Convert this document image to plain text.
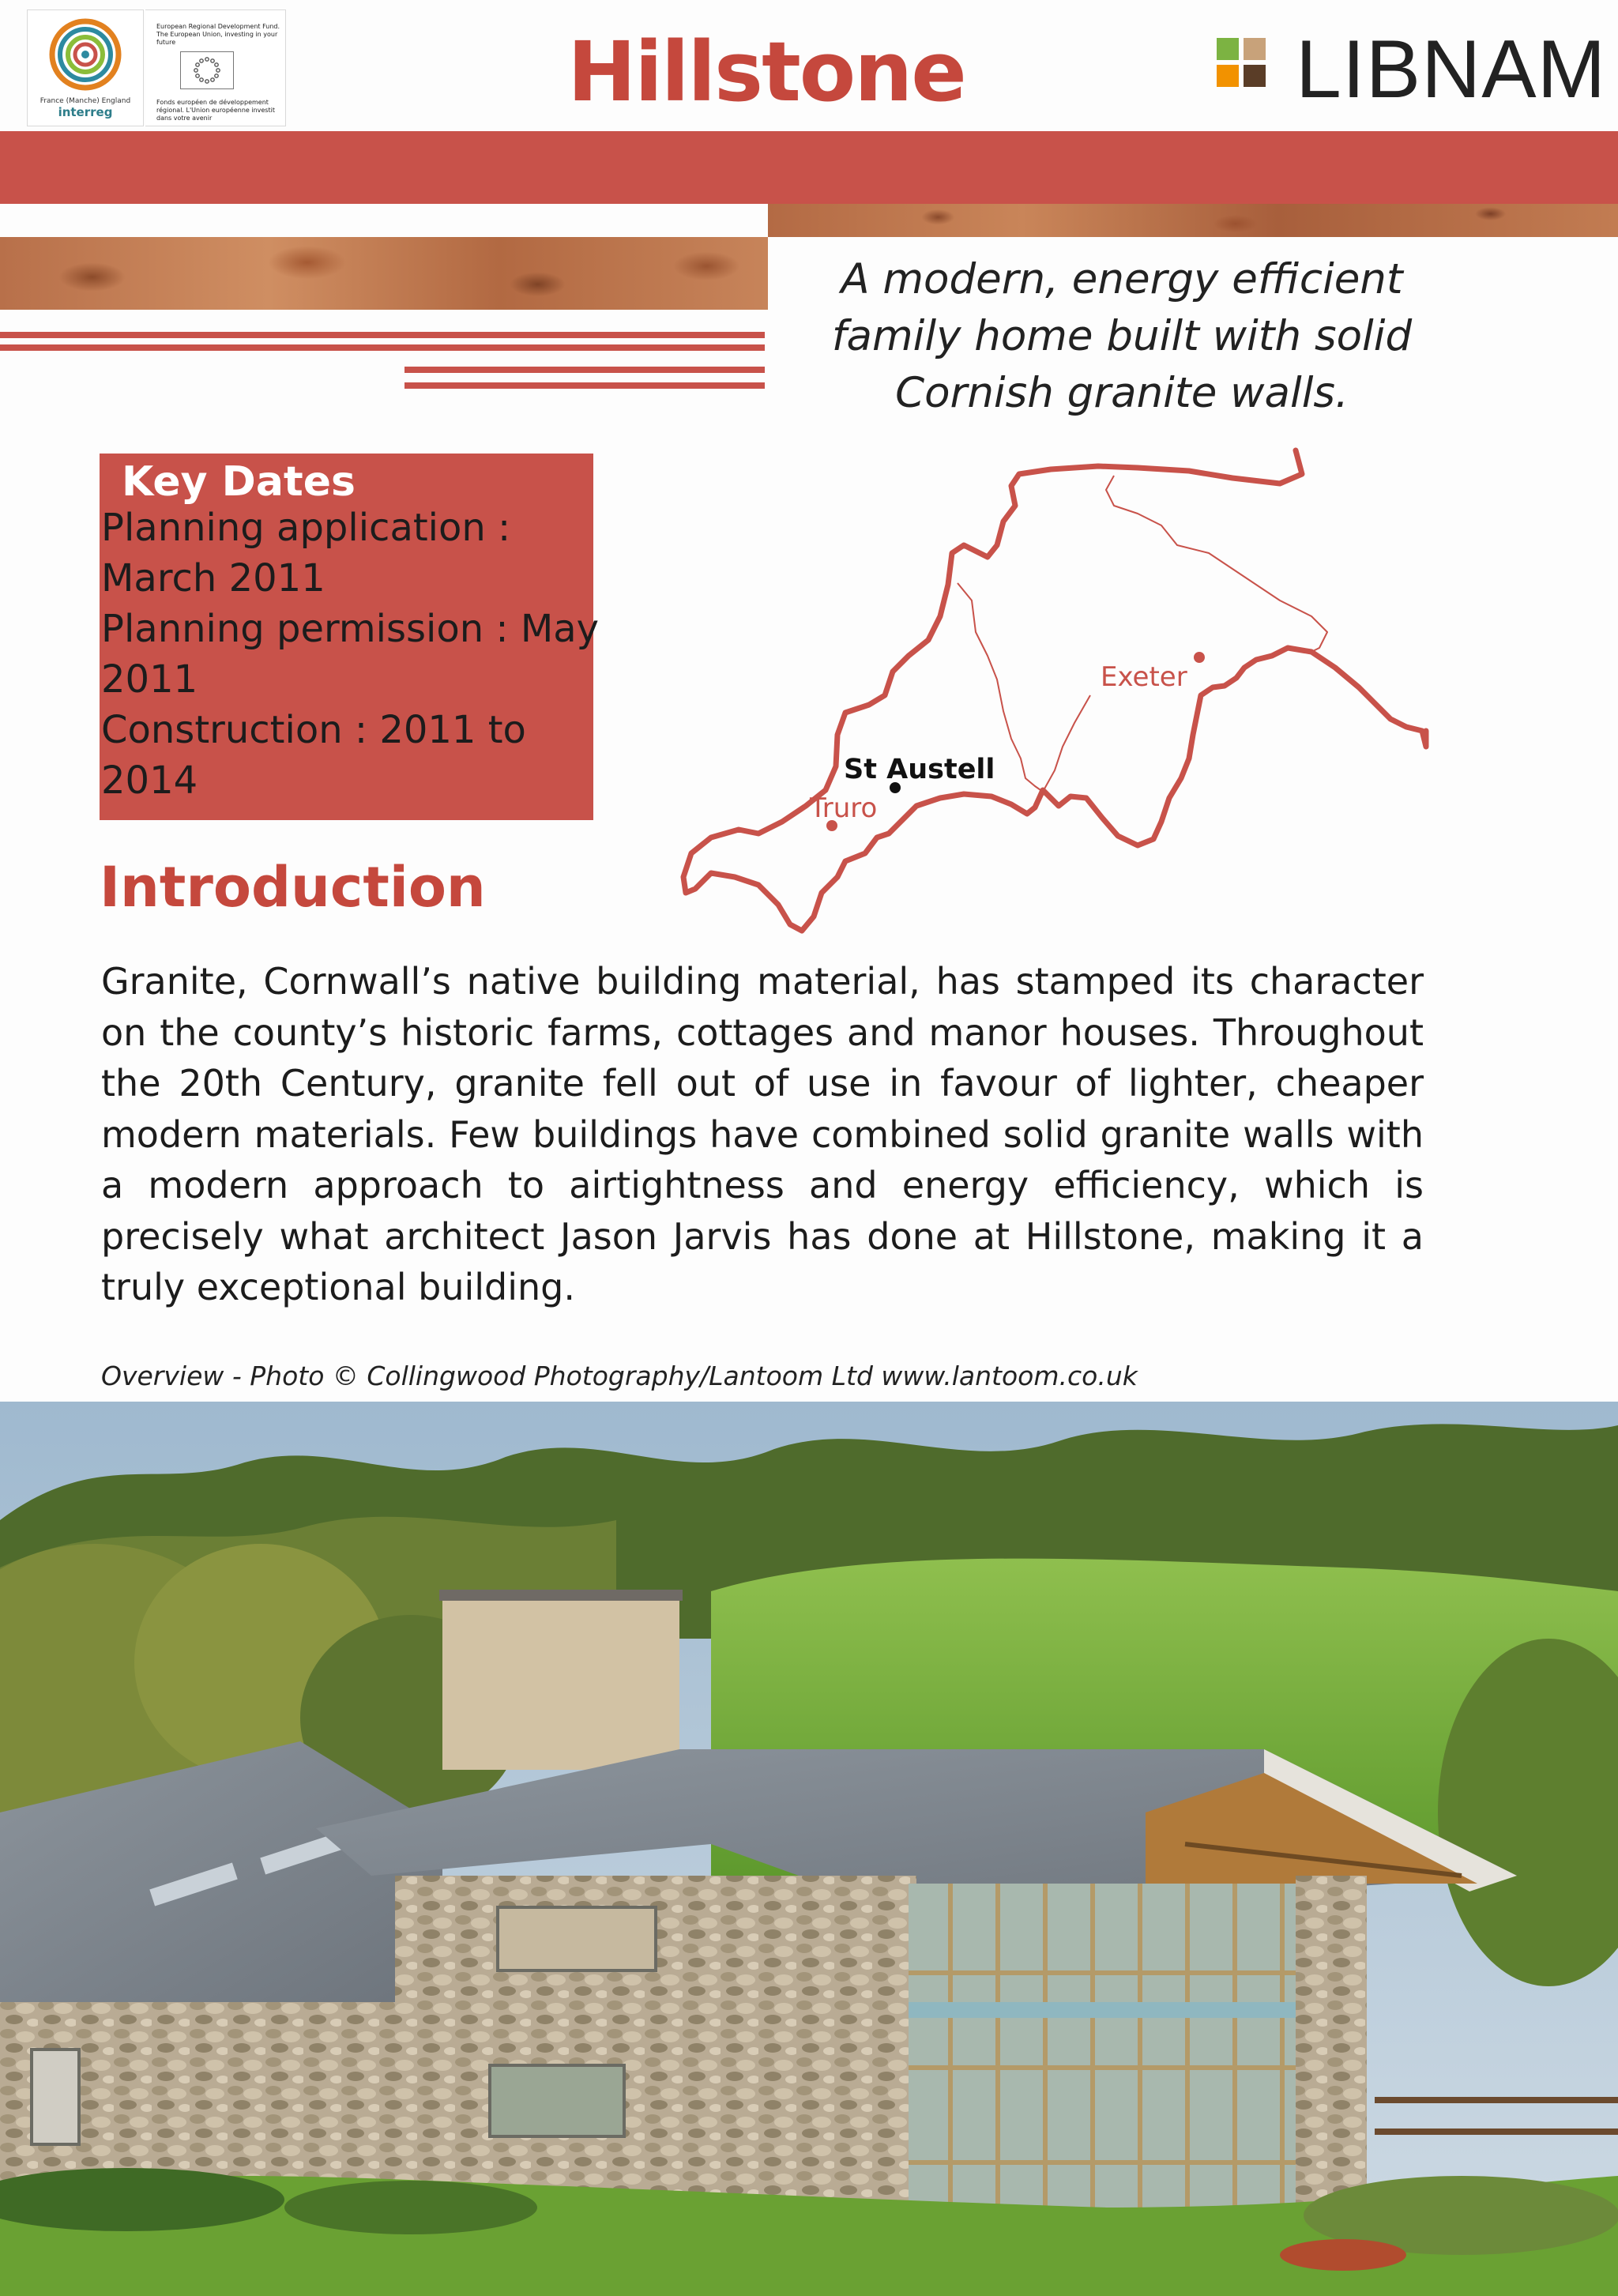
France (Manche) England
interreg
European Regional Development Fund. The European Union, investing in your future
Fonds européen de développement régional. L'Union européenne investit dans votre avenir	Hillstone	LIBNAM
A modern, energy efficient family home built with solid Cornish granite walls.
Key Dates
Planning application :
March 2011
Planning permission : May
2011
Construction : 2011 to
2014	St Austell
Truro
Exeter
Introduction

Granite, Cornwall’s native building material, has stamped its character on the county’s historic farms, cottages and manor houses. Throughout the 20th Century, granite fell out of use in favour of lighter, cheaper modern materials. Few buildings have combined solid granite walls with a modern approach to airtightness and energy efficiency, which is precisely what architect Jason Jarvis has done at Hillstone, making it a truly exceptional building.

Overview - Photo © Collingwood Photography/Lantoom Ltd www.lantoom.co.uk
